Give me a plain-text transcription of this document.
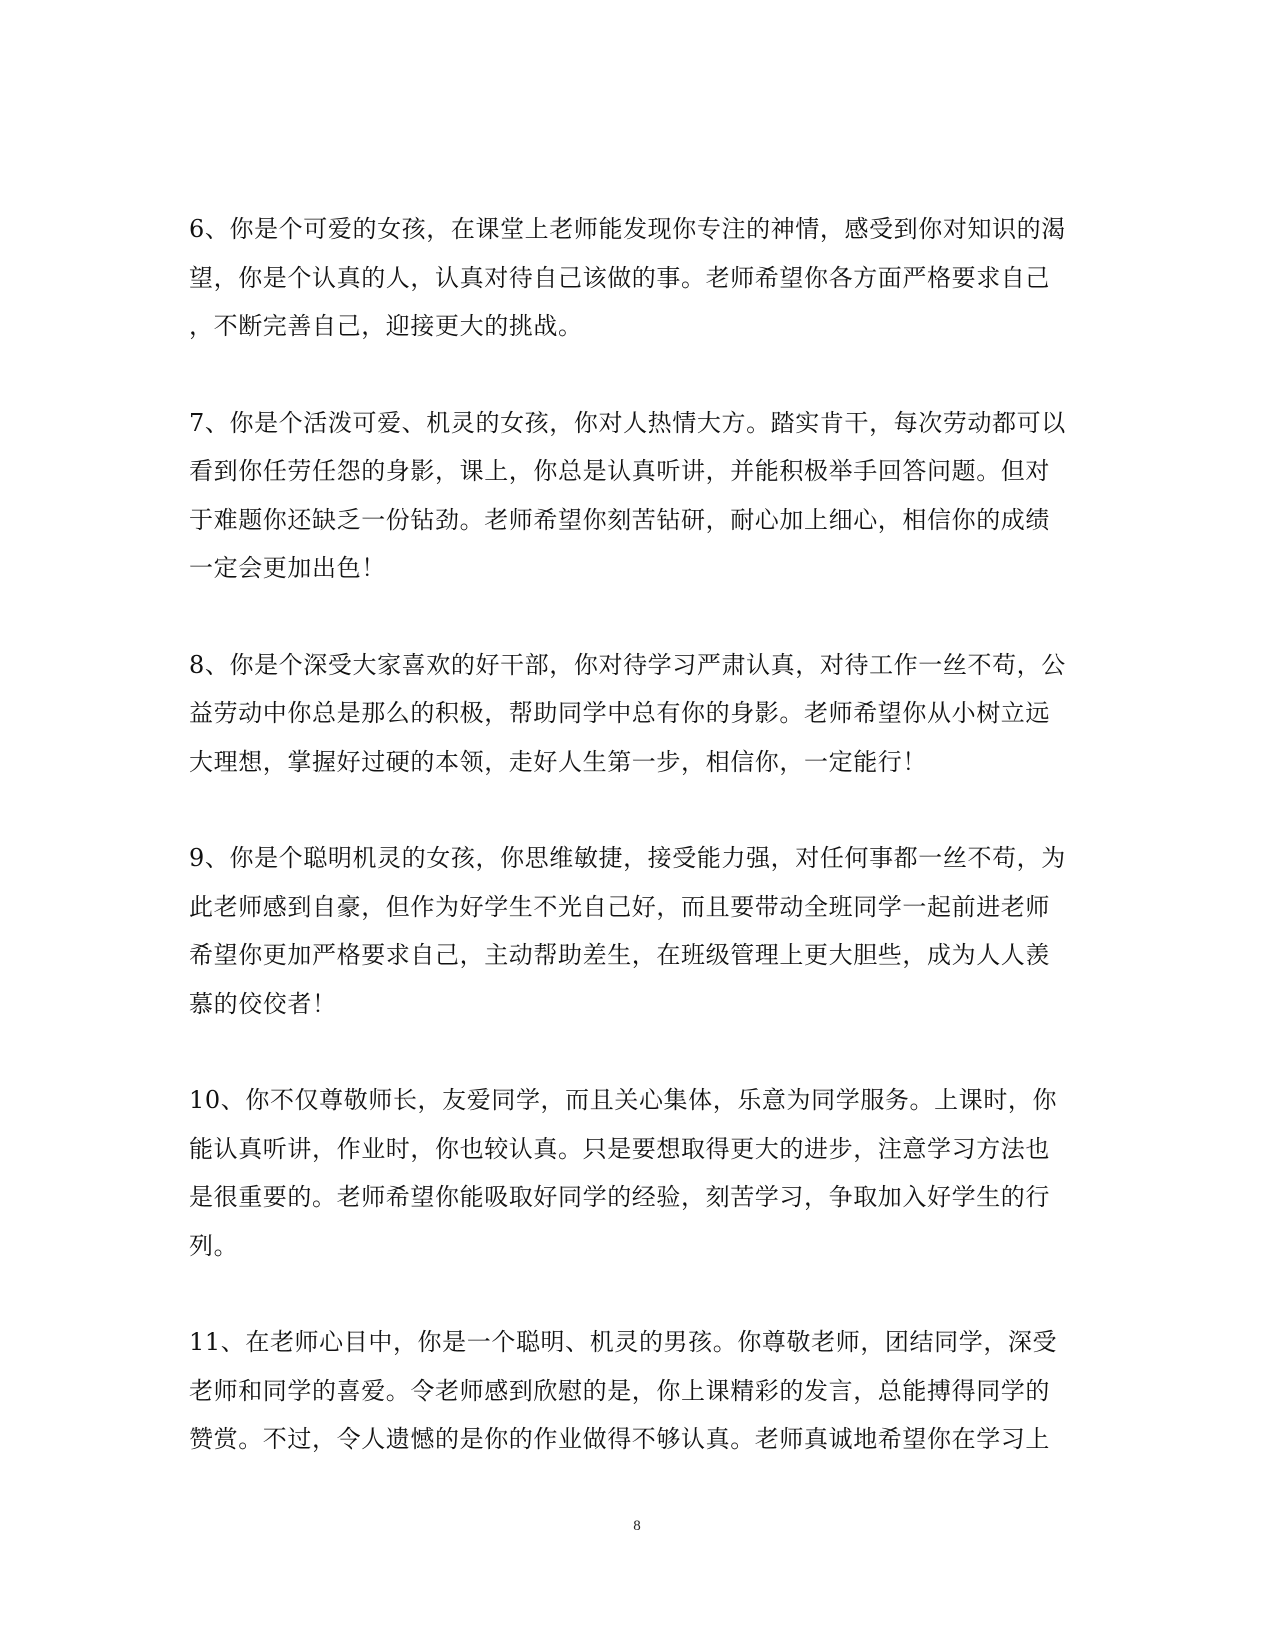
6、你是个可爱的女孩，在课堂上老师能发现你专注的神情，感受到你对知识的渴
望，你是个认真的人，认真对待自己该做的事。老师希望你各方面严格要求自己
，不断完善自己，迎接更大的挑战。
7、你是个活泼可爱、机灵的女孩，你对人热情大方。踏实肯干，每次劳动都可以
看到你任劳任怨的身影，课上，你总是认真听讲，并能积极举手回答问题。但对
于难题你还缺乏一份钻劲。老师希望你刻苦钻研，耐心加上细心，相信你的成绩
一定会更加出色！
8、你是个深受大家喜欢的好干部，你对待学习严肃认真，对待工作一丝不苟，公
益劳动中你总是那么的积极，帮助同学中总有你的身影。老师希望你从小树立远
大理想，掌握好过硬的本领，走好人生第一步，相信你，一定能行！
9、你是个聪明机灵的女孩，你思维敏捷，接受能力强，对任何事都一丝不苟，为
此老师感到自豪，但作为好学生不光自己好，而且要带动全班同学一起前进老师
希望你更加严格要求自己，主动帮助差生，在班级管理上更大胆些，成为人人羡
慕的佼佼者！
10、你不仅尊敬师长，友爱同学，而且关心集体，乐意为同学服务。上课时，你
能认真听讲，作业时，你也较认真。只是要想取得更大的进步，注意学习方法也
是很重要的。老师希望你能吸取好同学的经验，刻苦学习，争取加入好学生的行
列。
11、在老师心目中，你是一个聪明、机灵的男孩。你尊敬老师，团结同学，深受
老师和同学的喜爱。令老师感到欣慰的是，你上课精彩的发言，总能搏得同学的
赞赏。不过，令人遗憾的是你的作业做得不够认真。老师真诚地希望你在学习上
8
